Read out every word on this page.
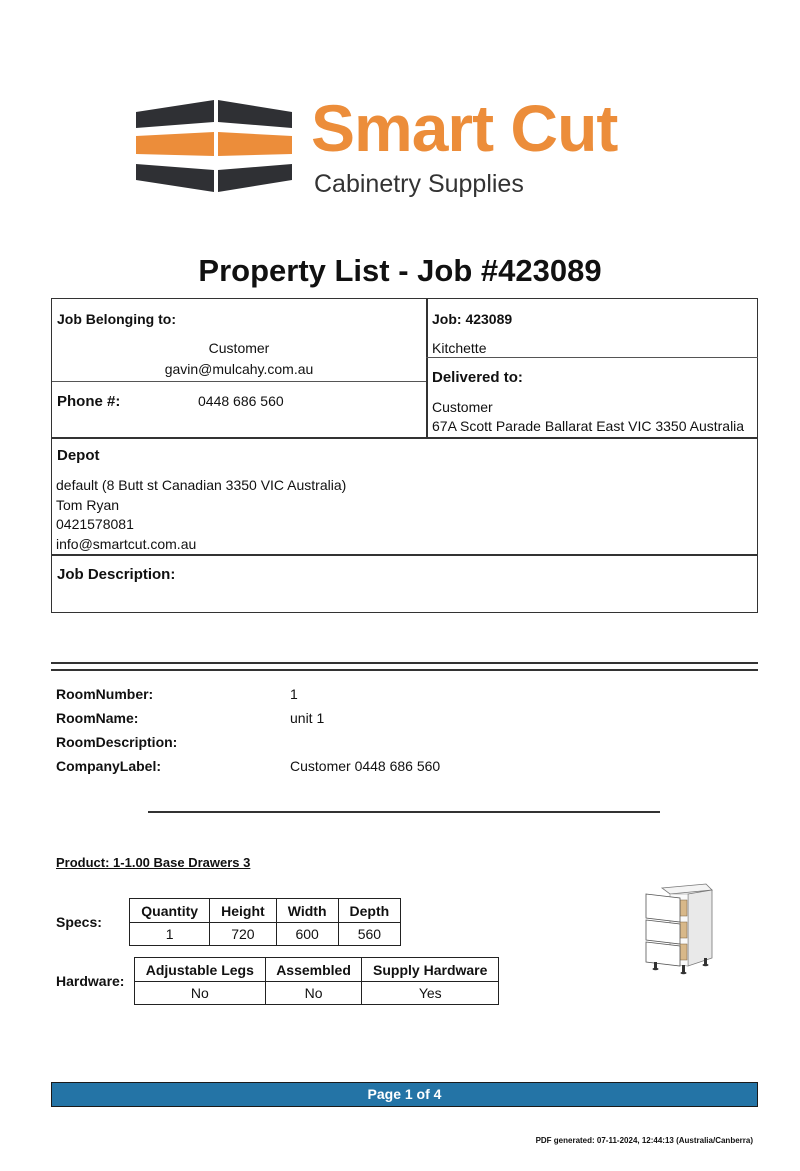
Smart Cut
Cabinetry Supplies
Property List - Job #423089
Job Belonging to:
Customer
gavin@mulcahy.com.au
Phone #:	0448 686 560
Job: 423089
Kitchette
Delivered to:
Customer
67A Scott Parade Ballarat East VIC 3350 Australia
Depot
default (8 Butt st Canadian 3350 VIC Australia)
Tom Ryan
0421578081
info@smartcut.com.au
Job Description:
RoomNumber:	1
RoomName:	unit 1
RoomDescription:
CompanyLabel:	Customer 0448 686 560
Product: 1-1.00 Base Drawers 3
Specs:
Quantity	Height	Width	Depth
1	720	600	560
Hardware:
Adjustable Legs	Assembled	Supply Hardware
No	No	Yes
Page 1 of 4
PDF generated: 07-11-2024, 12:44:13 (Australia/Canberra)
